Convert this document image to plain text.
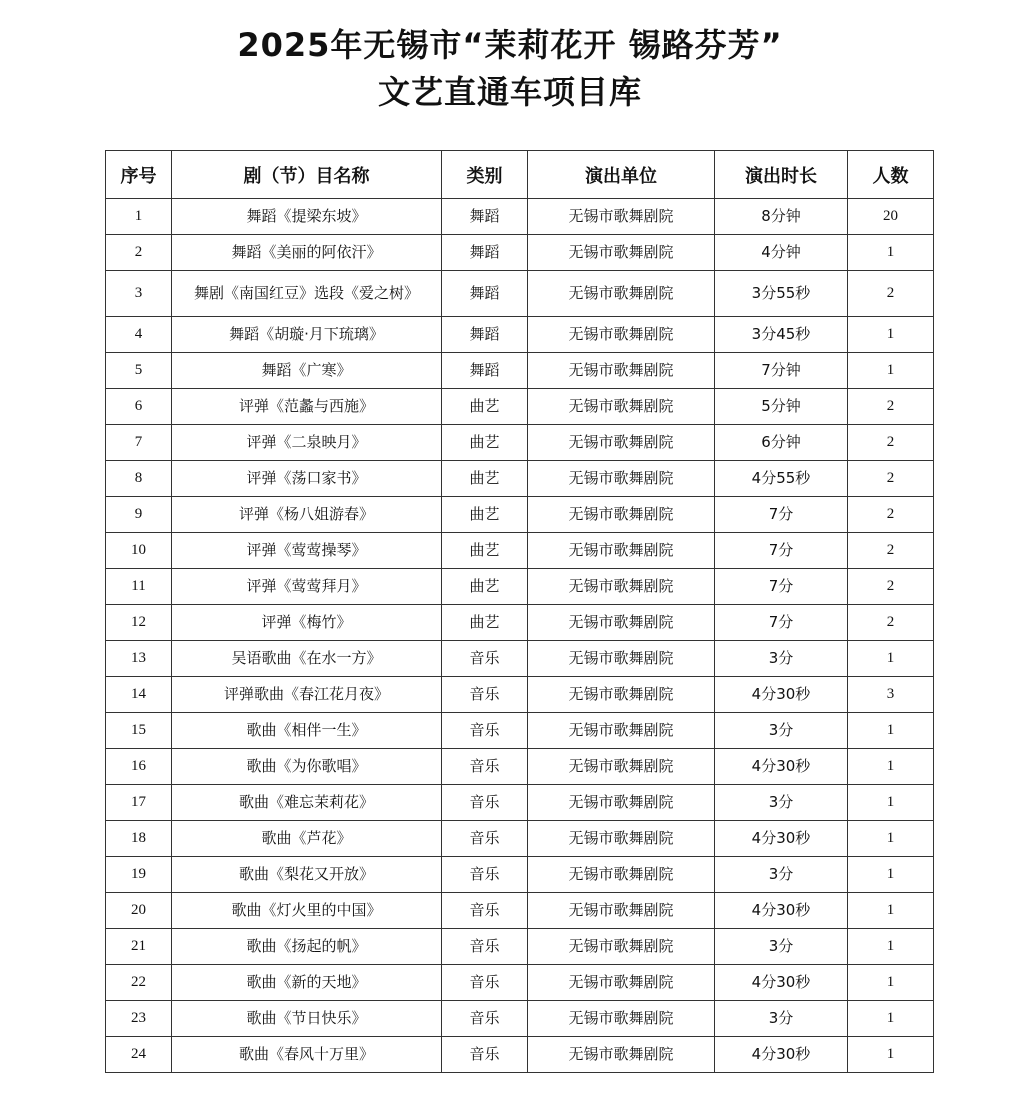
2025年无锡市“茉莉花开 锡路芬芳”
文艺直通车项目库
序号	剧（节）目名称	类别	演出单位	演出时长	人数
1	舞蹈《提梁东坡》	舞蹈	无锡市歌舞剧院	8分钟	20
2	舞蹈《美丽的阿依汗》	舞蹈	无锡市歌舞剧院	4分钟	1
3	舞剧《南国红豆》选段《爱之树》	舞蹈	无锡市歌舞剧院	3分55秒	2
4	舞蹈《胡璇·月下琉璃》	舞蹈	无锡市歌舞剧院	3分45秒	1
5	舞蹈《广寒》	舞蹈	无锡市歌舞剧院	7分钟	1
6	评弹《范蠡与西施》	曲艺	无锡市歌舞剧院	5分钟	2
7	评弹《二泉映月》	曲艺	无锡市歌舞剧院	6分钟	2
8	评弹《荡口家书》	曲艺	无锡市歌舞剧院	4分55秒	2
9	评弹《杨八姐游春》	曲艺	无锡市歌舞剧院	7分	2
10	评弹《莺莺操琴》	曲艺	无锡市歌舞剧院	7分	2
11	评弹《莺莺拜月》	曲艺	无锡市歌舞剧院	7分	2
12	评弹《梅竹》	曲艺	无锡市歌舞剧院	7分	2
13	吴语歌曲《在水一方》	音乐	无锡市歌舞剧院	3分	1
14	评弹歌曲《春江花月夜》	音乐	无锡市歌舞剧院	4分30秒	3
15	歌曲《相伴一生》	音乐	无锡市歌舞剧院	3分	1
16	歌曲《为你歌唱》	音乐	无锡市歌舞剧院	4分30秒	1
17	歌曲《难忘茉莉花》	音乐	无锡市歌舞剧院	3分	1
18	歌曲《芦花》	音乐	无锡市歌舞剧院	4分30秒	1
19	歌曲《梨花又开放》	音乐	无锡市歌舞剧院	3分	1
20	歌曲《灯火里的中国》	音乐	无锡市歌舞剧院	4分30秒	1
21	歌曲《扬起的帆》	音乐	无锡市歌舞剧院	3分	1
22	歌曲《新的天地》	音乐	无锡市歌舞剧院	4分30秒	1
23	歌曲《节日快乐》	音乐	无锡市歌舞剧院	3分	1
24	歌曲《春风十万里》	音乐	无锡市歌舞剧院	4分30秒	1
